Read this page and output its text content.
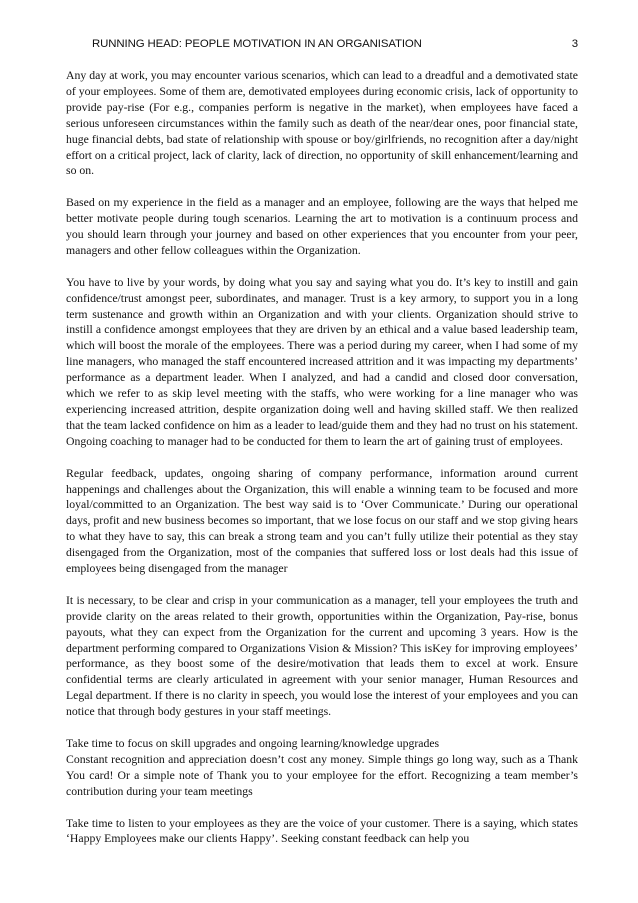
RUNNING HEAD: PEOPLE MOTIVATION IN AN ORGANISATION	3

Any day at work, you may encounter various scenarios, which can lead to a dreadful and a demotivated state of your employees. Some of them are, demotivated employees during economic crisis, lack of opportunity to provide pay-rise (For e.g., companies perform is negative in the market), when employees have faced a serious unforeseen circumstances within the family such as death of the near/dear ones, poor financial state, huge financial debts, bad state of relationship with spouse or boy/girlfriends, no recognition after a day/night effort on a critical project, lack of clarity, lack of direction, no opportunity of skill enhancement/learning and so on.

Based on my experience in the field as a manager and an employee, following are the ways that helped me better motivate people during tough scenarios. Learning the art to motivation is a continuum process and you should learn through your journey and based on other experiences that you encounter from your peer, managers and other fellow colleagues within the Organization.

You have to live by your words, by doing what you say and saying what you do. It’s key to instill and gain confidence/trust amongst peer, subordinates, and manager. Trust is a key armory, to support you in a long term sustenance and growth within an Organization and with your clients. Organization should strive to instill a confidence amongst employees that they are driven by an ethical and a value based leadership team, which will boost the morale of the employees. There was a period during my career, when I had some of my line managers, who managed the staff encountered increased attrition and it was impacting my departments’ performance as a department leader. When I analyzed, and had a candid and closed door conversation, which we refer to as skip level meeting with the staffs, who were working for a line manager who was experiencing increased attrition, despite organization doing well and having skilled staff. We then realized that the team lacked confidence on him as a leader to lead/guide them and they had no trust on his statement. Ongoing coaching to manager had to be conducted for them to learn the art of gaining trust of employees.

Regular feedback, updates, ongoing sharing of company performance, information around current happenings and challenges about the Organization, this will enable a winning team to be focused and more loyal/committed to an Organization. The best way said is to ‘Over Communicate.’ During our operational days, profit and new business becomes so important, that we lose focus on our staff and we stop giving hears to what they have to say, this can break a strong team and you can’t fully utilize their potential as they stay disengaged from the Organization, most of the companies that suffered loss or lost deals had this issue of employees being disengaged from the manager

It is necessary, to be clear and crisp in your communication as a manager, tell your employees the truth and provide clarity on the areas related to their growth, opportunities within the Organization, Pay-rise, bonus payouts, what they can expect from the Organization for the current and upcoming 3 years. How is the department performing compared to Organizations Vision & Mission? This isKey for improving employees’ performance, as they boost some of the desire/motivation that leads them to excel at work. Ensure confidential terms are clearly articulated in agreement with your senior manager, Human Resources and Legal department. If there is no clarity in speech, you would lose the interest of your employees and you can notice that through body gestures in your staff meetings.

Take time to focus on skill upgrades and ongoing learning/knowledge upgrades

Constant recognition and appreciation doesn’t cost any money. Simple things go long way, such as a Thank You card! Or a simple note of Thank you to your employee for the effort. Recognizing a team member’s contribution during your team meetings

Take time to listen to your employees as they are the voice of your customer. There is a saying, which states ‘Happy Employees make our clients Happy’. Seeking constant feedback can help you
